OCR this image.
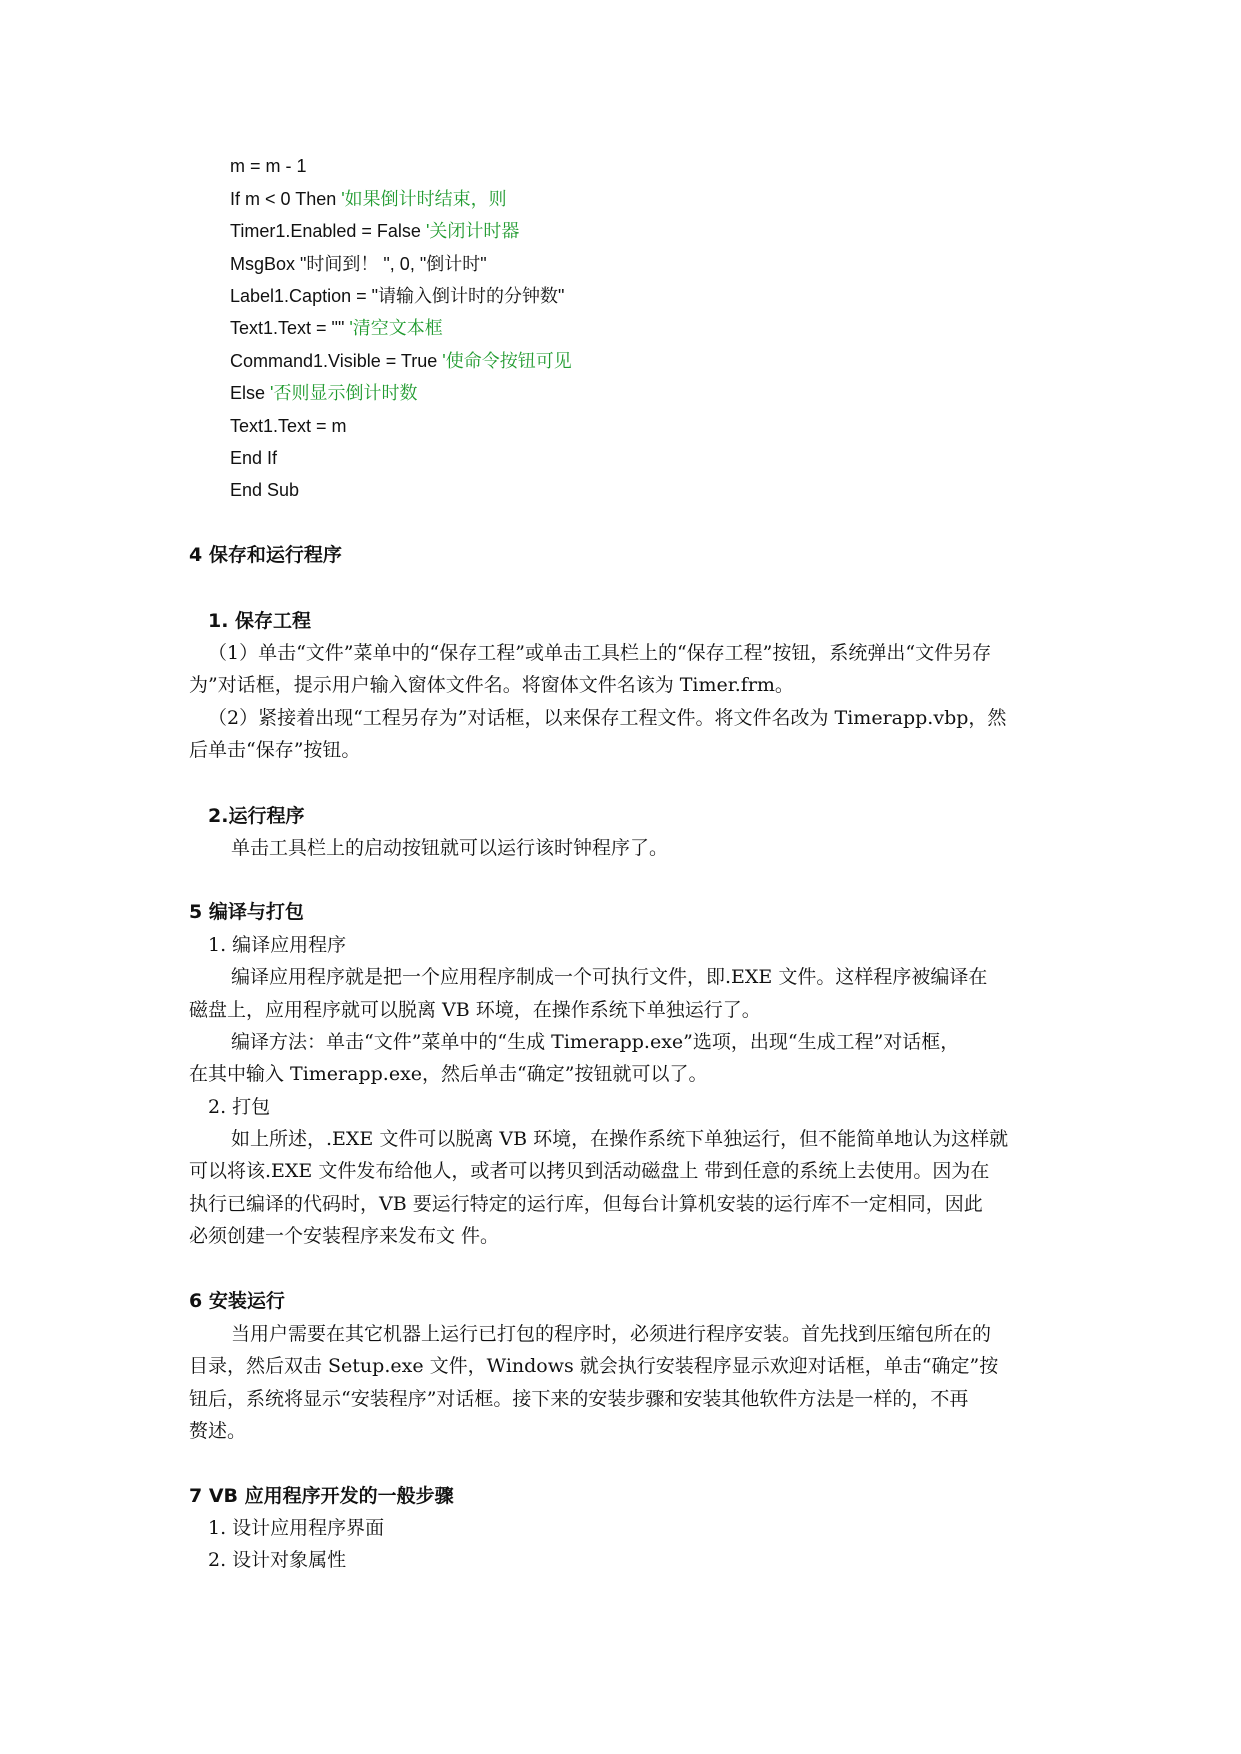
m = m - 1
If m < 0 Then '如果倒计时结束，则
Timer1.Enabled = False '关闭计时器
MsgBox "时间到！ ", 0, "倒计时"
Label1.Caption = "请输入倒计时的分钟数"
Text1.Text = "" '清空文本框
Command1.Visible = True '使命令按钮可见
Else '否则显示倒计时数
Text1.Text = m
End If
End Sub
4 保存和运行程序
1. 保存工程
（1）单击“文件”菜单中的“保存工程”或单击工具栏上的“保存工程”按钮，系统弹出“文件另存
为”对话框，提示用户输入窗体文件名。将窗体文件名该为 Timer.frm。
（2）紧接着出现“工程另存为”对话框，以来保存工程文件。将文件名改为 Timerapp.vbp，然
后单击“保存”按钮。
2.运行程序
单击工具栏上的启动按钮就可以运行该时钟程序了。
5 编译与打包
1. 编译应用程序
编译应用程序就是把一个应用程序制成一个可执行文件，即.EXE 文件。这样程序被编译在
磁盘上，应用程序就可以脱离 VB 环境，在操作系统下单独运行了。
编译方法：单击“文件”菜单中的“生成 Timerapp.exe”选项，出现“生成工程”对话框，
在其中输入 Timerapp.exe，然后单击“确定”按钮就可以了。
2. 打包
如上所述，.EXE 文件可以脱离 VB 环境，在操作系统下单独运行，但不能简单地认为这样就
可以将该.EXE 文件发布给他人，或者可以拷贝到活动磁盘上 带到任意的系统上去使用。因为在
执行已编译的代码时，VB 要运行特定的运行库，但每台计算机安装的运行库不一定相同，因此
必须创建一个安装程序来发布文 件。
6 安装运行
当用户需要在其它机器上运行已打包的程序时，必须进行程序安装。首先找到压缩包所在的
目录，然后双击 Setup.exe 文件，Windows 就会执行安装程序显示欢迎对话框，单击“确定”按
钮后，系统将显示“安装程序”对话框。接下来的安装步骤和安装其他软件方法是一样的，不再
赘述。
7 VB 应用程序开发的一般步骤
1. 设计应用程序界面
2. 设计对象属性
